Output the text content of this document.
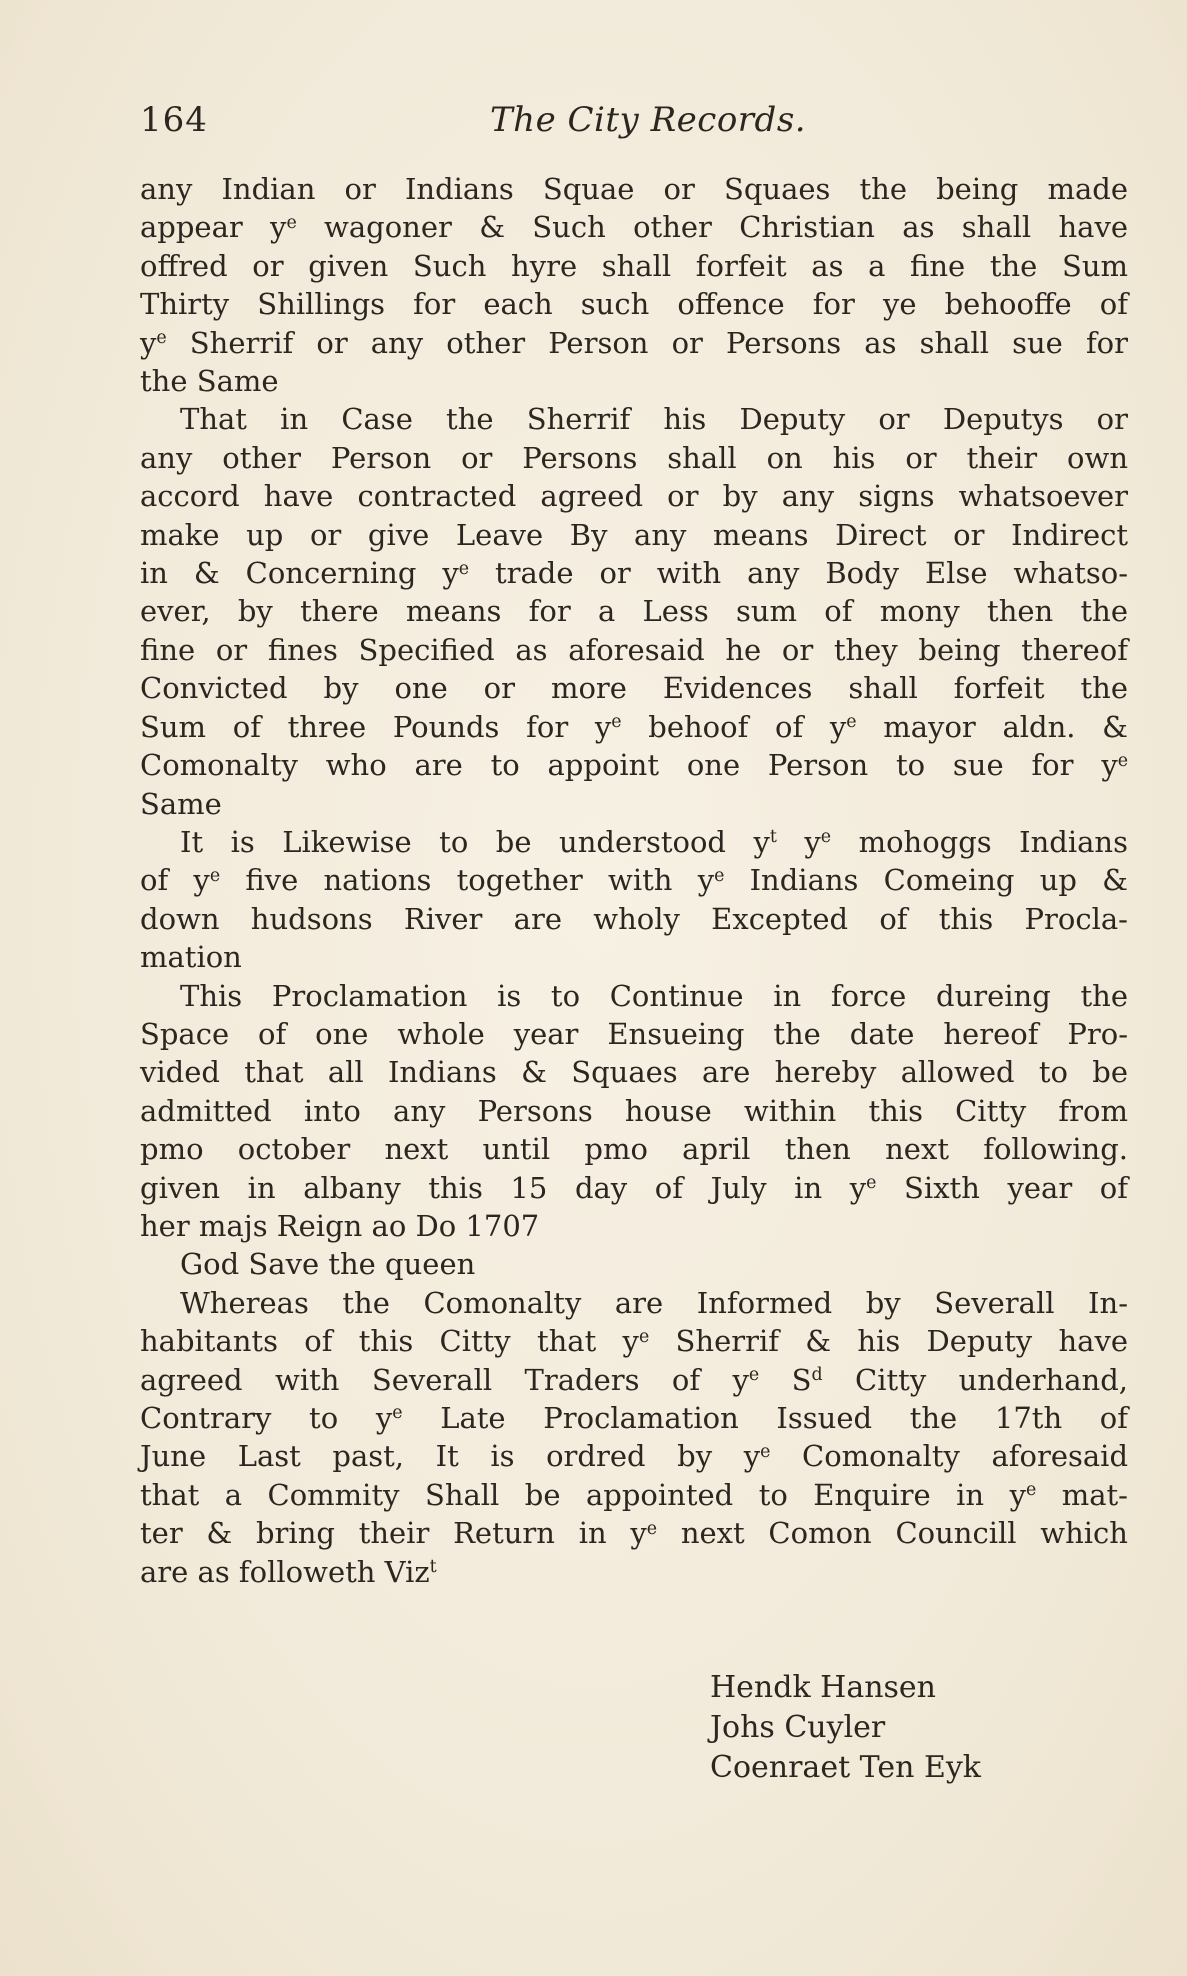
164	The City Records.
any Indian or Indians Squae or Squaes the being made
appear $y^e$ wagoner & Such other Christian as shall have
offred or given Such hyre shall forfeit as a fine the Sum
Thirty Shillings for each such offence for ye behooffe of
$y^e$ Sherrif or any other Person or Persons as shall sue for
the Same
That in Case the Sherrif his Deputy or Deputys or
any other Person or Persons shall on his or their own
accord have contracted agreed or by any signs whatsoever
make up or give Leave By any means Direct or Indirect
in & Concerning $y^e$ trade or with any Body Else whatso-
ever, by there means for a Less sum of mony then the
fine or fines Specified as aforesaid he or they being thereof
Convicted by one or more Evidences shall forfeit the
Sum of three Pounds for $y^e$ behoof of $y^e$ mayor aldn. &
Comonalty who are to appoint one Person to sue for $y^e$
Same
It is Likewise to be understood $y^t$ $y^e$ mohoggs Indians
of $y^e$ five nations together with $y^e$ Indians Comeing up &
down hudsons River are wholy Excepted of this Procla-
mation
This Proclamation is to Continue in force dureing the
Space of one whole year Ensueing the date hereof Pro-
vided that all Indians & Squaes are hereby allowed to be
admitted into any Persons house within this Citty from
pmo october next until pmo april then next following.
given in albany this 15 day of July in $y^e$ Sixth year of
her majs Reign ao Do 1707
God Save the queen
Whereas the Comonalty are Informed by Severall In-
habitants of this Citty that $y^e$ Sherrif & his Deputy have
agreed with Severall Traders of $y^e$ $S^d$ Citty underhand,
Contrary to $y^e$ Late Proclamation Issued the 17th of
June Last past, It is ordred by $y^e$ Comonalty aforesaid
that a Commity Shall be appointed to Enquire in $y^e$ mat-
ter & bring their Return in $y^e$ next Comon Councill which
are as followeth Viz$^t$
Hendk Hansen
Johs Cuyler
Coenraet Ten Eyk
